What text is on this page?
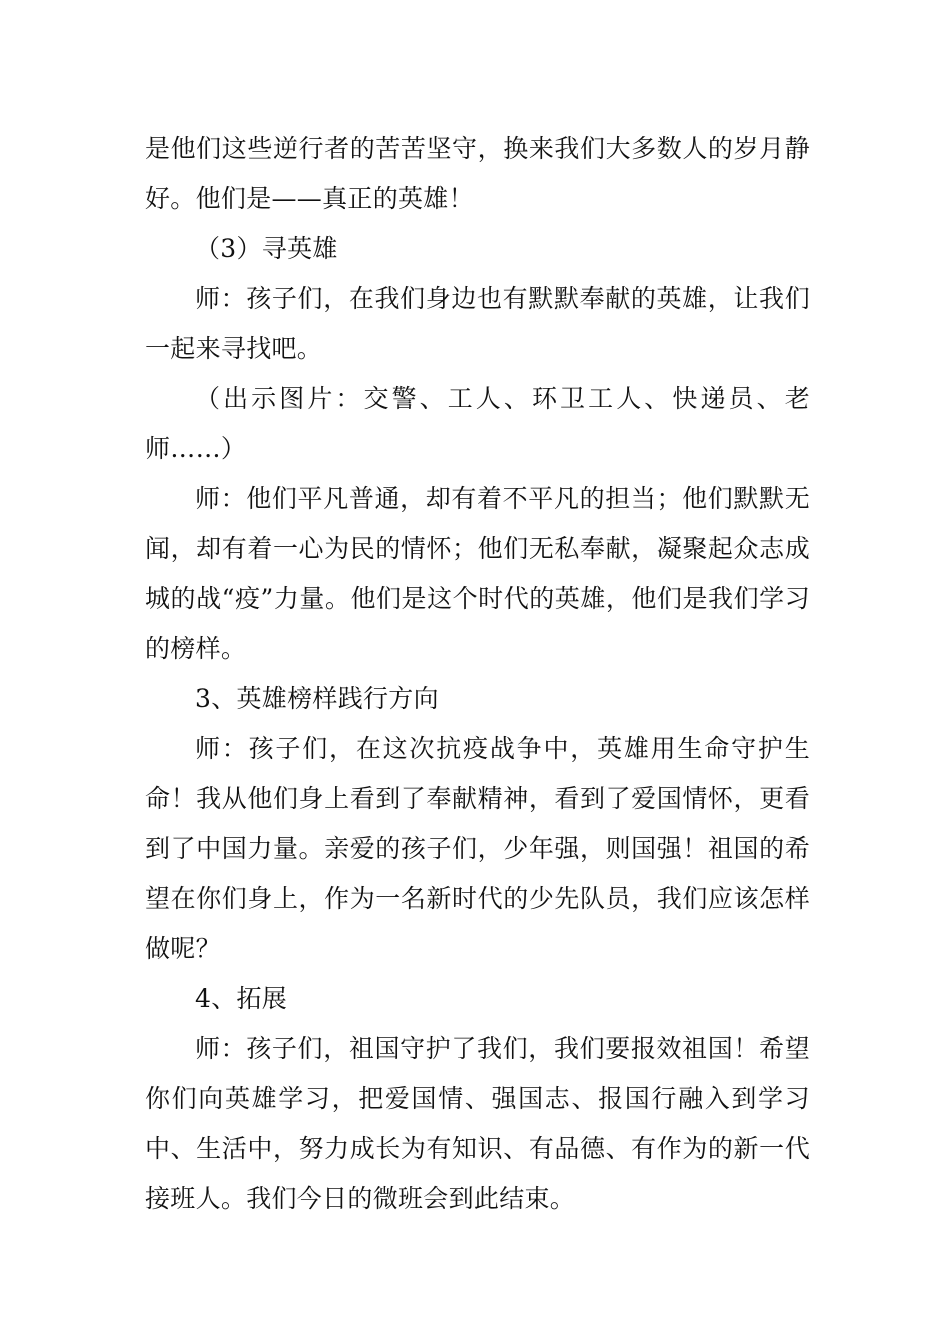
是他们这些逆行者的苦苦坚守，换来我们大多数人的岁月静好。他们是——真正的英雄！

（3）寻英雄

师：孩子们，在我们身边也有默默奉献的英雄，让我们一起来寻找吧。

（出示图片：交警、工人、环卫工人、快递员、老师……）

师：他们平凡普通，却有着不平凡的担当；他们默默无闻，却有着一心为民的情怀；他们无私奉献，凝聚起众志成城的战“疫”力量。他们是这个时代的英雄，他们是我们学习的榜样。

3、英雄榜样践行方向

师：孩子们，在这次抗疫战争中，英雄用生命守护生命！我从他们身上看到了奉献精神，看到了爱国情怀，更看到了中国力量。亲爱的孩子们，少年强，则国强！祖国的希望在你们身上，作为一名新时代的少先队员，我们应该怎样做呢？

4、拓展

师：孩子们，祖国守护了我们，我们要报效祖国！希望你们向英雄学习，把爱国情、强国志、报国行融入到学习中、生活中，努力成长为有知识、有品德、有作为的新一代接班人。我们今日的微班会到此结束。
